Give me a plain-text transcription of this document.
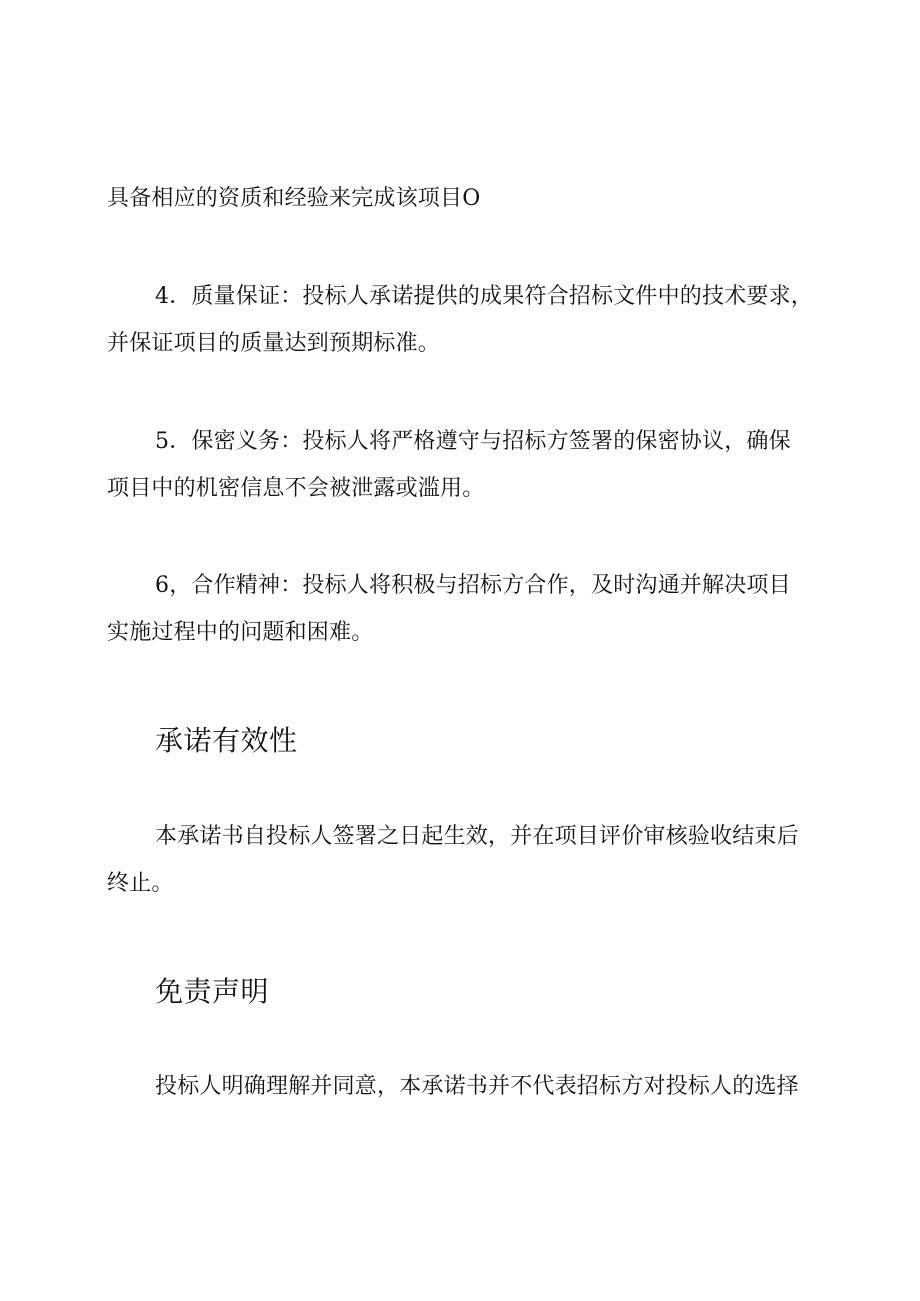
具备相应的资质和经验来完成该项目O
4．质量保证：投标人承诺提供的成果符合招标文件中的技术要求，
并保证项目的质量达到预期标准。
5．保密义务：投标人将严格遵守与招标方签署的保密协议，确保
项目中的机密信息不会被泄露或滥用。
6，合作精神：投标人将积极与招标方合作，及时沟通并解决项目
实施过程中的问题和困难。
承诺有效性
本承诺书自投标人签署之日起生效，并在项目评价审核验收结束后
终止。
免责声明
投标人明确理解并同意，本承诺书并不代表招标方对投标人的选择
